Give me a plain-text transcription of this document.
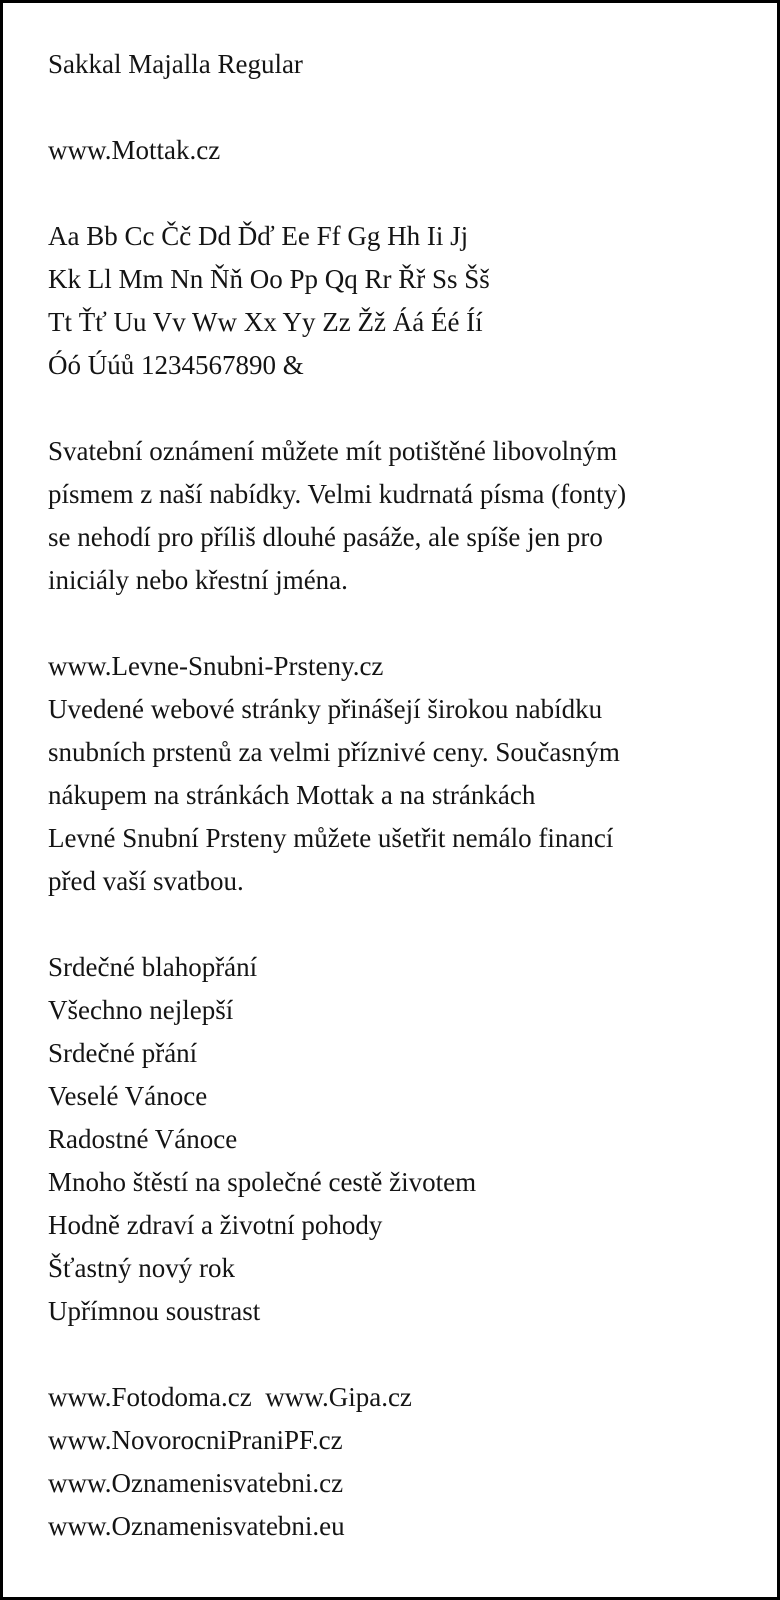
Sakkal Majalla Regular
www.Mottak.cz
Aa Bb Cc Čč Dd Ďď Ee Ff Gg Hh Ii Jj
Kk Ll Mm Nn Ňň Oo Pp Qq Rr Řř Ss Šš
Tt Ťť Uu Vv Ww Xx Yy Zz Žž Áá Éé Íí
Óó Úúů 1234567890 &
Svatební oznámení můžete mít potištěné libovolným
písmem z naší nabídky. Velmi kudrnatá písma (fonty)
se nehodí pro příliš dlouhé pasáže, ale spíše jen pro
iniciály nebo křestní jména.
www.Levne-Snubni-Prsteny.cz
Uvedené webové stránky přinášejí širokou nabídku
snubních prstenů za velmi příznivé ceny. Současným
nákupem na stránkách Mottak a na stránkách
Levné Snubní Prsteny můžete ušetřit nemálo financí
před vaší svatbou.
Srdečné blahopřání
Všechno nejlepší
Srdečné přání
Veselé Vánoce
Radostné Vánoce
Mnoho štěstí na společné cestě životem
Hodně zdraví a životní pohody
Šťastný nový rok
Upřímnou soustrast
www.Fotodoma.cz  www.Gipa.cz
www.NovorocniPraniPF.cz
www.Oznamenisvatebni.cz
www.Oznamenisvatebni.eu
